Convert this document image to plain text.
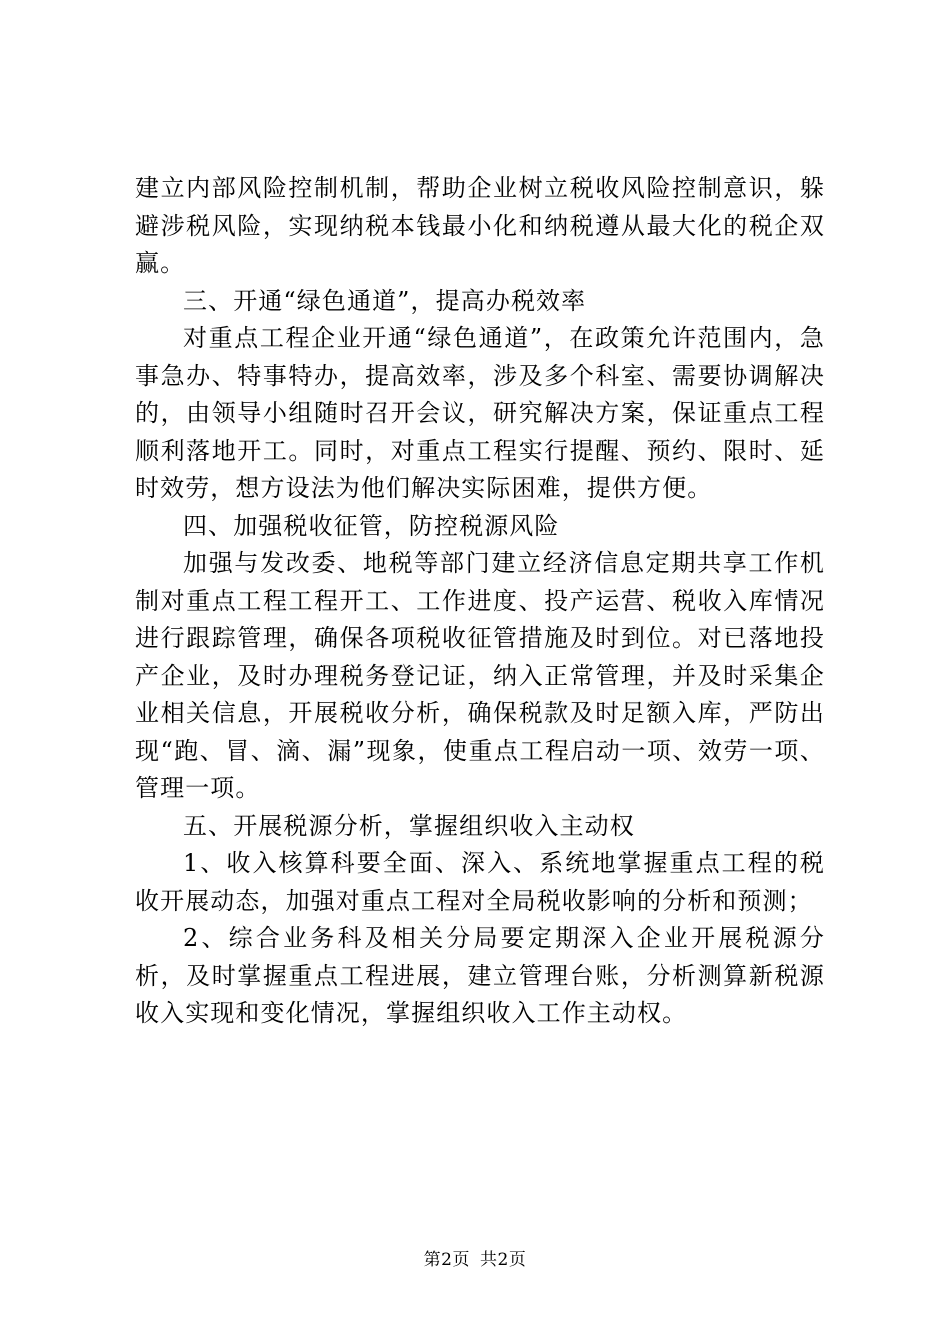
建立内部风险控制机制，帮助企业树立税收风险控制意识，躲避涉税风险，实现纳税本钱最小化和纳税遵从最大化的税企双赢。

三、开通“绿色通道”，提高办税效率

对重点工程企业开通“绿色通道”，在政策允许范围内，急事急办、特事特办，提高效率，涉及多个科室、需要协调解决的，由领导小组随时召开会议，研究解决方案，保证重点工程顺利落地开工。同时，对重点工程实行提醒、预约、限时、延时效劳，想方设法为他们解决实际困难，提供方便。

四、加强税收征管，防控税源风险

加强与发改委、地税等部门建立经济信息定期共享工作机制对重点工程工程开工、工作进度、投产运营、税收入库情况进行跟踪管理，确保各项税收征管措施及时到位。对已落地投产企业，及时办理税务登记证，纳入正常管理，并及时采集企业相关信息，开展税收分析，确保税款及时足额入库，严防出现“跑、冒、滴、漏”现象，使重点工程启动一项、效劳一项、管理一项。

五、开展税源分析，掌握组织收入主动权

1、收入核算科要全面、深入、系统地掌握重点工程的税收开展动态，加强对重点工程对全局税收影响的分析和预测；

2、综合业务科及相关分局要定期深入企业开展税源分析，及时掌握重点工程进展，建立管理台账，分析测算新税源收入实现和变化情况，掌握组织收入工作主动权。

第2页 共2页
